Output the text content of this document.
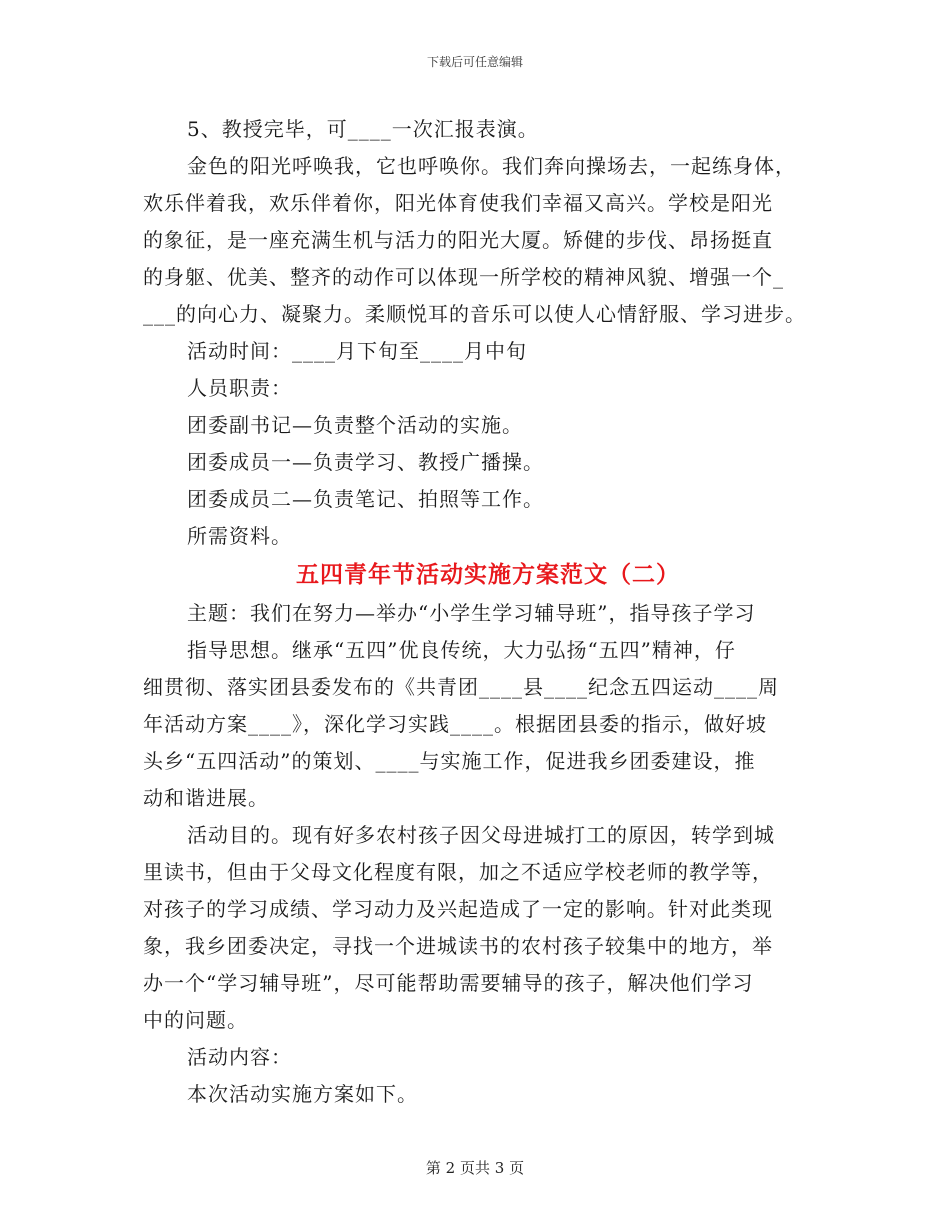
下载后可任意编辑
5、教授完毕，可____一次汇报表演。
金色的阳光呼唤我，它也呼唤你。我们奔向操场去，一起练身体，
欢乐伴着我，欢乐伴着你，阳光体育使我们幸福又高兴。学校是阳光
的象征，是一座充满生机与活力的阳光大厦。矫健的步伐、昂扬挺直
的身躯、优美、整齐的动作可以体现一所学校的精神风貌、增强一个_
___的向心力、凝聚力。柔顺悦耳的音乐可以使人心情舒服、学习进步。
活动时间：____月下旬至____月中旬
人员职责：
团委副书记—负责整个活动的实施。
团委成员一—负责学习、教授广播操。
团委成员二—负责笔记、拍照等工作。
所需资料。
五四青年节活动实施方案范文（二）
主题：我们在努力—举办“小学生学习辅导班”，指导孩子学习
指导思想。继承“五四”优良传统，大力弘扬“五四”精神，仔
细贯彻、落实团县委发布的《共青团____县____纪念五四运动____周
年活动方案____》，深化学习实践____。根据团县委的指示，做好坡
头乡“五四活动”的策划、____与实施工作，促进我乡团委建设，推
动和谐进展。
活动目的。现有好多农村孩子因父母进城打工的原因，转学到城
里读书，但由于父母文化程度有限，加之不适应学校老师的教学等，
对孩子的学习成绩、学习动力及兴起造成了一定的影响。针对此类现
象，我乡团委决定，寻找一个进城读书的农村孩子较集中的地方，举
办一个“学习辅导班”，尽可能帮助需要辅导的孩子，解决他们学习
中的问题。
活动内容：
本次活动实施方案如下。
第 2 页共 3 页
